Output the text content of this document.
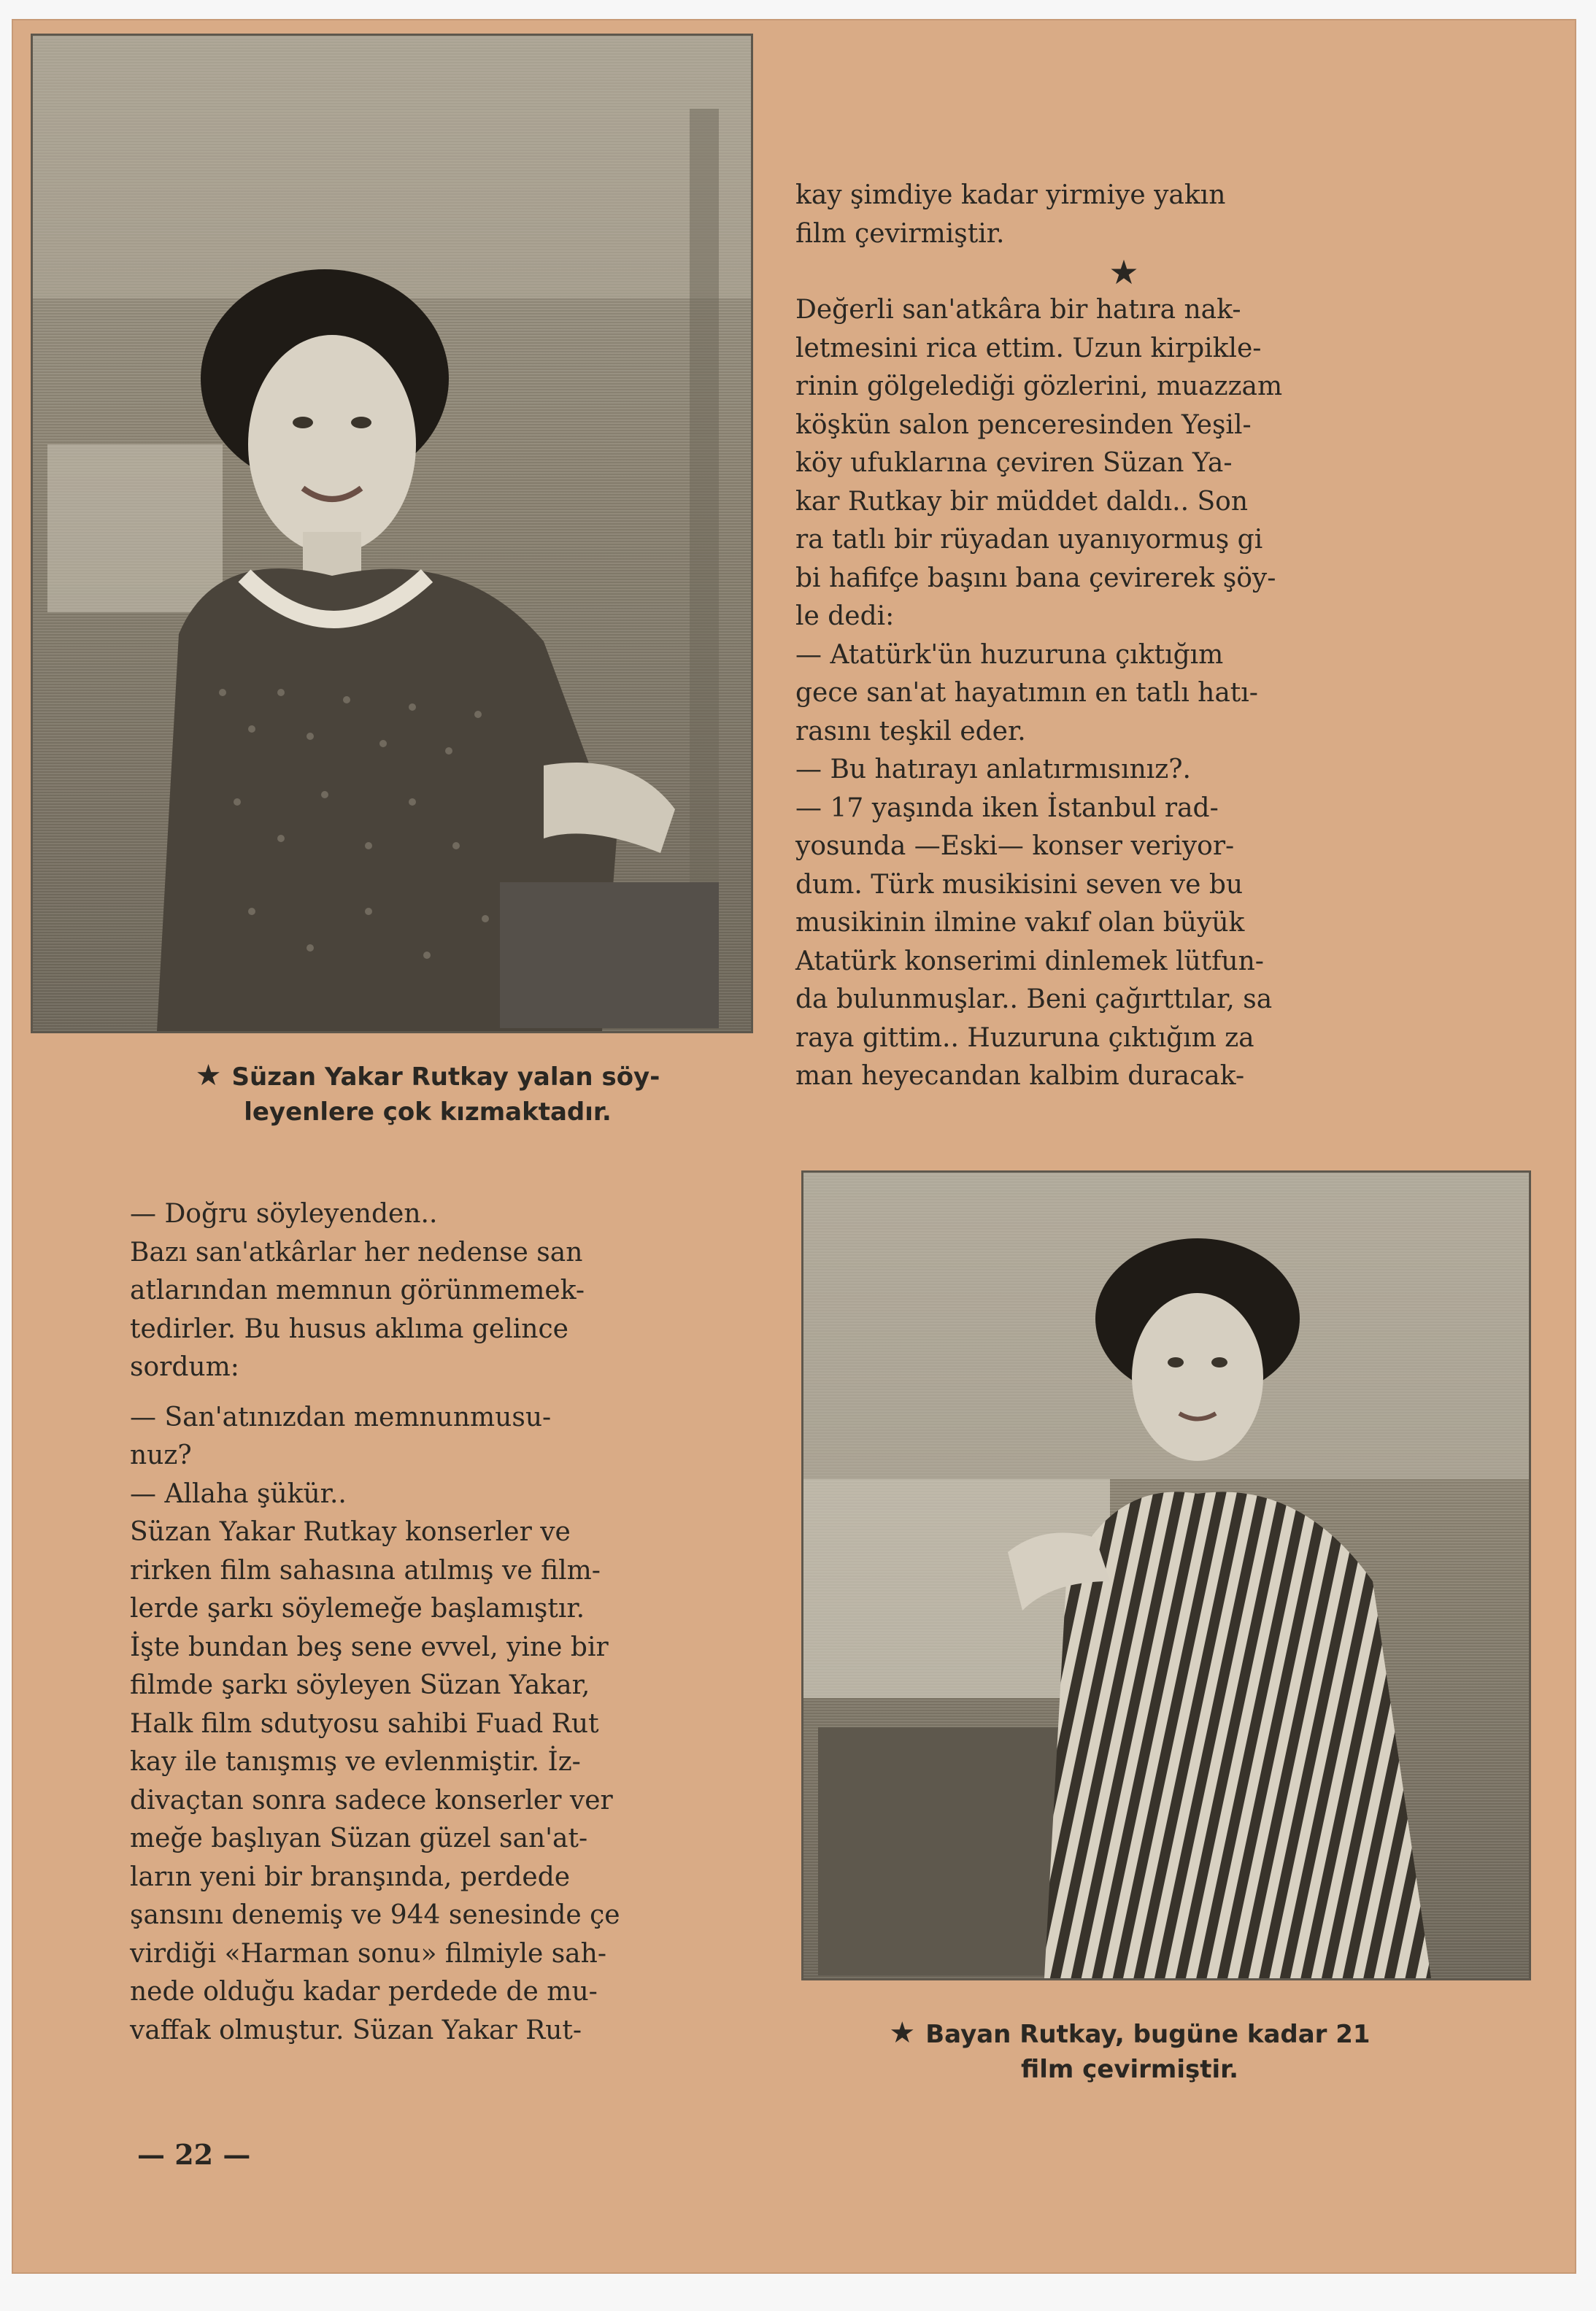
★ Süzan Yakar Rutkay yalan söy-
leyenlere çok kızmaktadır.

kay şimdiye kadar yirmiye yakın

film çevirmiştir.

★

Değerli san'atkâra bir hatıra nak-

letmesini rica ettim. Uzun kirpikle-

rinin gölgelediği gözlerini, muazzam

köşkün salon penceresinden Yeşil-

köy ufuklarına çeviren Süzan Ya-

kar Rutkay bir müddet daldı.. Son

ra tatlı bir rüyadan uyanıyormuş gi

bi hafifçe başını bana çevirerek şöy-

le dedi:

— Atatürk'ün huzuruna çıktığım

gece san'at hayatımın en tatlı hatı-

rasını teşkil eder.

— Bu hatırayı anlatırmısınız?.

— 17 yaşında iken İstanbul rad-

yosunda —Eski— konser veriyor-

dum. Türk musikisini seven ve bu

musikinin ilmine vakıf olan büyük

Atatürk konserimi dinlemek lütfun-

da bulunmuşlar.. Beni çağırttılar, sa

raya gittim.. Huzuruna çıktığım za

man heyecandan kalbim duracak-

— Doğru söyleyenden..

Bazı san'atkârlar her nedense san

atlarından memnun görünmemek-

tedirler. Bu husus aklıma gelince

sordum:

— San'atınızdan memnunmusu-

nuz?

— Allaha şükür..

Süzan Yakar Rutkay konserler ve

rirken film sahasına atılmış ve film-

lerde şarkı söylemeğe başlamıştır.

İşte bundan beş sene evvel, yine bir

filmde şarkı söyleyen Süzan Yakar,

Halk film sdutyosu sahibi Fuad Rut

kay ile tanışmış ve evlenmiştir. İz-

divaçtan sonra sadece konserler ver

meğe başlıyan Süzan güzel san'at-

ların yeni bir branşında, perdede

şansını denemiş ve 944 senesinde çe

virdiği «Harman sonu» filmiyle sah-

nede olduğu kadar perdede de mu-

vaffak olmuştur. Süzan Yakar Rut-	★ Bayan Rutkay, bugüne kadar 21
film çevirmiştir.
— 22 —
